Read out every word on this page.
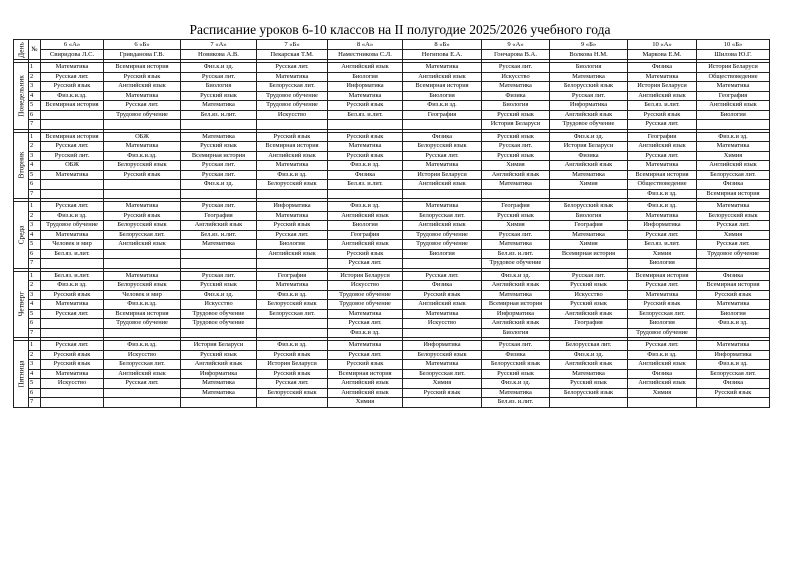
Расписание уроков 6-10 классов на II полугодие 2025/2026 учебного года
День	№	6 «А»	6 «Б»	7 «А»	7 «Б»	8 «А»	8 «Б»	9 «А»	9 «Б»	10 «А»	10 «Б»
		Свиридова Л.С.	Гривданова Г.В.	Новикова А.В.	Пекарская Т.М.	Наместникова С.Л.	Негипова Е.А.	Гончарова В.А.	Волкова Н.М.	Маркова Е.М.	Шилова Ю.Г.

Понедельник	1	Математика	Всемирная история	Физ.к.и зд.	Русская лит.	Английский язык	Математика	Русская лит.	Биология	Физика	История Беларуси
	2	Русская лит.	Русский язык	Русская лит.	Математика	Биология	Английский язык	Искусство	Математика	Математика	Обществоведение
	3	Русский язык	Английский язык	Биология	Белорусская лит.	Информатика	Всемирная история	Математика	Белорусский язык	История Беларуси	Математика
	4	Физ.к.и.зд.	Математика	Русский язык	Трудовое обучение	Математика	Биология	Физика	Русская лит.	Английский язык	География
	5	Всемирная история	Русская лит.	Математика	Трудовое обучение	Русский язык	Физ.к.и зд.	Биология	Информатика	Бел.яз. и.лит.	Английский язык
	6		Трудовое обучение	Бел.яз. и.лит.	Искусство	Бел.яз. и.лит.	География	Русский язык	Английский язык	Русский язык	Биология
	7							История Беларуси	Трудовое обучение	Русская лит.	

Вторник	1	Всемирная история	ОБЖ	Математика	Русский язык	Русский язык	Физика	Русский язык	Физ.к.и зд.	География	Физ.к.и зд.
	2	Русская лит.	Математика	Русский язык	Всемирная история	Математика	Белорусский язык	Русская лит.	История Беларуси	Английский язык	Математика
	3	Русский лит.	Физ.к.и.зд.	Всемирная история	Английский язык	Русский язык	Русская лит.	Русский язык	Физика	Русская лит.	Химия
	4	ОБЖ	Белорусский язык	Русская лит.	Математика	Физ.к.и зд.	Математика	Химия	Английский язык	Математика	Английский язык
	5	Математика	Русский язык	Русская лит.	Физ.к.и зд.	Физика	История Беларуси	Английский язык	Математика	Всемирная история	Белорусская лит.
	6			Физ.к.и зд.	Белорусский язык	Бел.яз. и.лит.	Английский язык	Математика	Химия	Обществоведение	Физика
	7									Физ.к.и зд.	Всемирная история

Среда	1	Русская лит.	Математика	Русская лит.	Информатика	Физ.к.и зд.	Математика	География	Белорусский язык	Физ.к.и зд.	Математика
	2	Физ.к.и зд.	Русский язык	География	Математика	Английский язык	Белорусская лит.	Русский язык	Биология	Математика	Белорусский язык
	3	Трудовое обучение	Белорусский язык	Английский язык	Русский язык	Биология	Английский язык	Химия	География	Информатика	Русская лит.
	4	Математика	Белорусская лит.	Бел.яз. и.лит.	Русская лит.	География	Трудовое обучение	Русская лит.	Математика	Русская лит.	Химия
	5	Человек и мир	Английский язык	Математика	Биология	Английский язык	Трудовое обучение	Математика	Химия	Бел.яз. и.лит.	Русская лит.
	6	Бел.яз. и.лит.			Английский язык	Русский язык	Биология	Бел.яз. и.лит.	Всемирная история	Химия	Трудовое обучение
	7					Русская лит.		Трудовое обучение		Биология	

Четверг	1	Бел.яз. и.лит.	Математика	Русская лит.	География	История Беларуси	Русская лит.	Физ.к.и зд.	Русская лит.	Всемирная история	Физика
	2	Физ.к.и зд.	Белорусский язык	Русский язык	Математика	Искусство	Физика	Английский язык	Русский язык	Русская лит.	Всемирная история
	3	Русский язык	Человек и мир	Физ.к.и зд.	Физ.к.и зд.	Трудовое обучение	Русский язык	Математика	Искусство	Математика	Русский язык
	4	Математика	Физ.к.и.зд.	Искусство	Белорусский язык	Трудовое обучение	Английский язык	Всемирная история	Русский язык	Русский язык	Математика
	5	Русская лит.	Всемирная история	Трудовое обучение	Белорусская лит.	Математика	Математика	Информатика	Английский язык	Белорусская лит.	Биология
	6		Трудовое обучение	Трудовое обучение		Русская лит.	Искусство	Английский язык	География	Биология	Физ.к.и зд.
	7					Физ.к.и зд.		Биология		Трудовое обучение	

Пятница	1	Русская лит.	Физ.к.и.зд.	История Беларуси	Физ.к.и зд.	Математика	Информатика	Русская лит.	Белорусская лит.	Русская лит.	Математика
	2	Русский язык	Искусство	Русский язык	Русский язык	Русская лит.	Белорусский язык	Физика	Физ.к.и зд.	Физ.к.и зд.	Информатика
	3	Русский язык	Белорусская лит.	Английский язык	История Беларуси	Русский язык	Математика	Белорусский язык	Английский язык	Английский язык	Физ.к.и зд.
	4	Математика	Английский язык	Информатика	Русский язык	Всемирная история	Белорусская лит.	Русский язык	Математика	Физика	Белорусская лит.
	5	Искусство	Русская лит.	Математика	Русская лит.	Английский язык	Химия	Физ.к.и зд.	Русский язык	Английский язык	Физика
	6			Математика	Белорусский язык	Английский язык	Русский язык	Математика	Белорусский язык	Химия	Русский язык
	7					Химия		Бел.яз. и.лит.			
